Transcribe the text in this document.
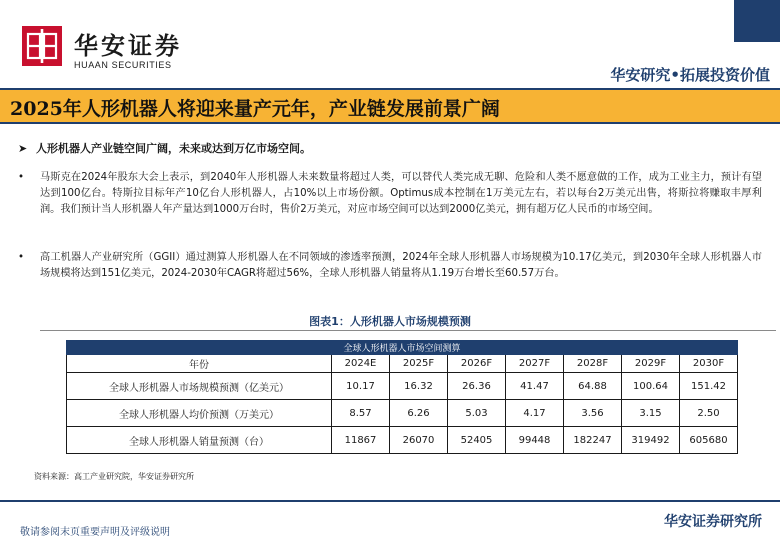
华安证券
HUAAN SECURITIES
华安研究•拓展投资价值
2025年人形机器人将迎来量产元年，产业链发展前景广阔
➤ 人形机器人产业链空间广阔，未来或达到万亿市场空间。
• 马斯克在2024年股东大会上表示，到2040年人形机器人未来数量将超过人类，可以替代人类完成无聊、危险和人类不愿意做的工作，成为工业主力，预计有望达到100亿台。特斯拉目标年产10亿台人形机器人，占10%以上市场份额。Optimus成本控制在1万美元左右，若以每台2万美元出售，将斯拉将赚取丰厚利润。我们预计当人形机器人年产量达到1000万台时，售价2万美元，对应市场空间可以达到2000亿美元，拥有超万亿人民币的市场空间。
• 高工机器人产业研究所（GGII）通过测算人形机器人在不同领域的渗透率预测，2024年全球人形机器人市场规模为10.17亿美元，到2030年全球人形机器人市场规模将达到151亿美元，2024-2030年CAGR将超过56%，全球人形机器人销量将从1.19万台增长至60.57万台。
图表1：人形机器人市场规模预测
全球人形机器人市场空间测算							
年份	2024E	2025F	2026F	2027F	2028F	2029F	2030F
全球人形机器人市场规模预测（亿美元）	10.17	16.32	26.36	41.47	64.88	100.64	151.42
全球人形机器人均价预测（万美元）	8.57	6.26	5.03	4.17	3.56	3.15	2.50
全球人形机器人销量预测（台）	11867	26070	52405	99448	182247	319492	605680
资料来源：高工产业研究院，华安证券研究所
敬请参阅末页重要声明及评级说明
华安证券研究所
